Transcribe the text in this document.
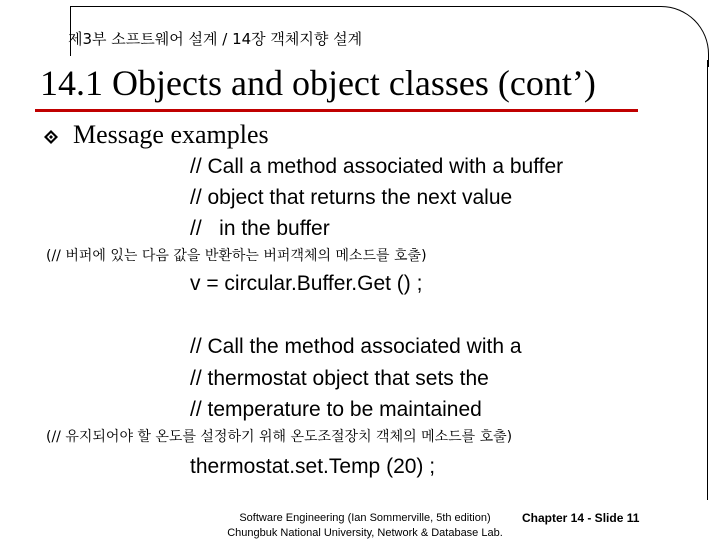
제3부 소프트웨어 설계 / 14장 객체지향 설계
14.1 Objects and object classes (cont’)
Message examples
// Call a method associated with a buffer
// object that returns the next value
//   in the buffer
(// 버퍼에 있는 다음 값을 반환하는 버퍼객체의 메소드를 호출)
v = circular.Buffer.Get () ;
// Call the method associated with a
// thermostat object that sets the
// temperature to be maintained
(// 유지되어야 할 온도를 설정하기 위해 온도조절장치 객체의 메소드를 호출)
thermostat.set.Temp (20) ;
Software Engineering (Ian Sommerville, 5th edition)
Chungbuk National University, Network & Database Lab.
Chapter 14 - Slide 11
